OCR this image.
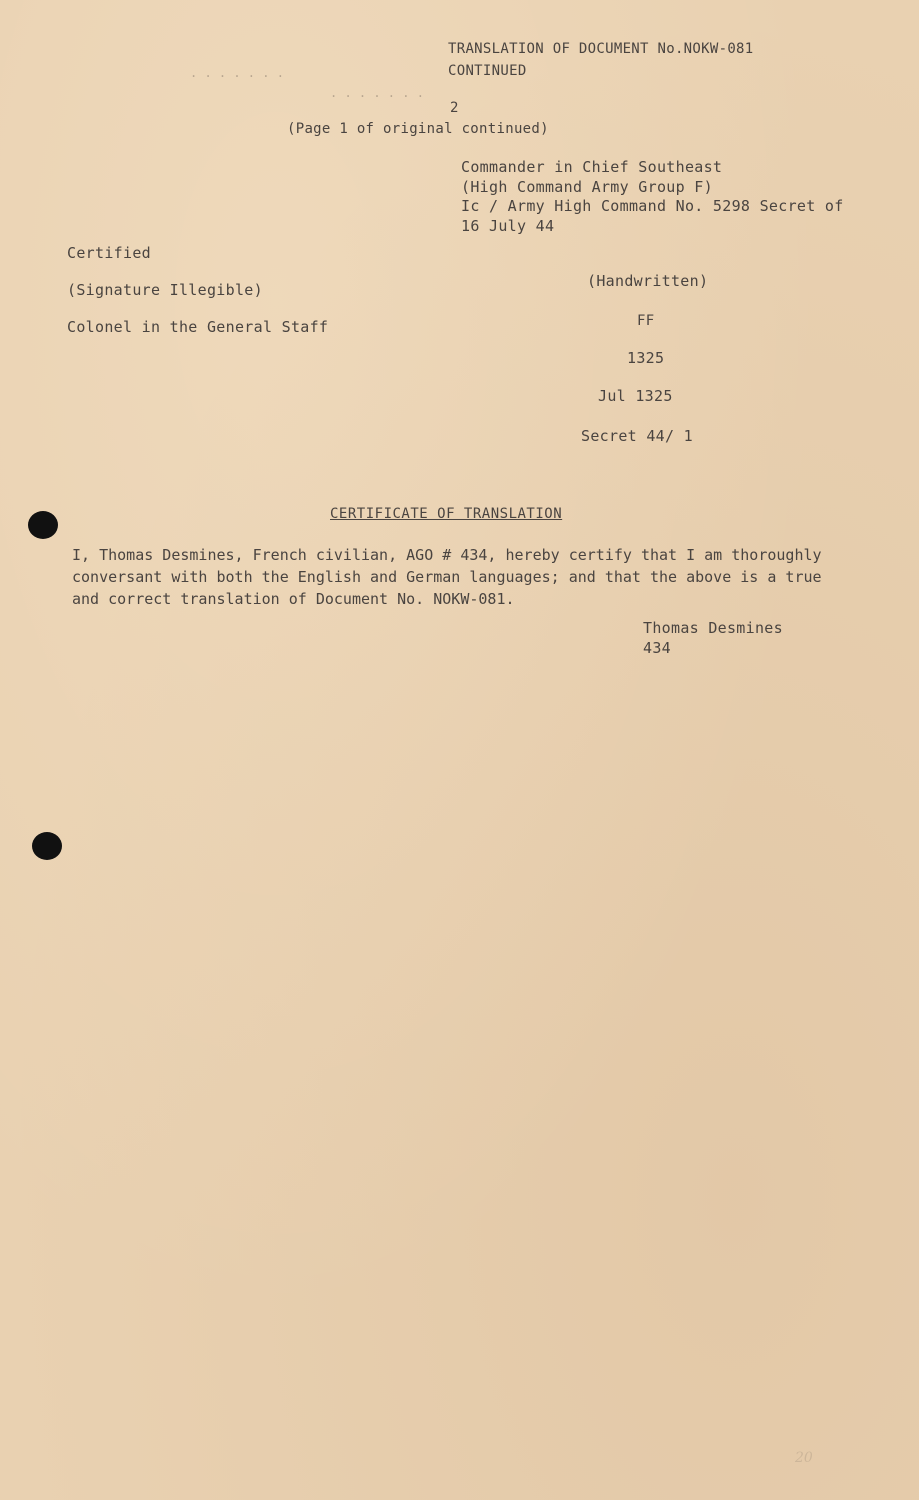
. . . . . . .
. . . . . . .
TRANSLATION OF DOCUMENT No.NOKW-081
CONTINUED
2
(Page 1 of original continued)
Commander in Chief Southeast
(High Command Army Group F)
Ic / Army High Command No. 5298 Secret of
16 July 44
Certified
(Signature Illegible)
Colonel in the General Staff
(Handwritten)
FF
1325
Jul 1325
Secret 44/ 1
CERTIFICATE OF TRANSLATION
I, Thomas Desmines, French civilian, AGO # 434, hereby certify that I am thoroughly
conversant with both the English and German languages; and that the above is a true
and correct translation of Document No. NOKW-081.
Thomas Desmines
434
20
